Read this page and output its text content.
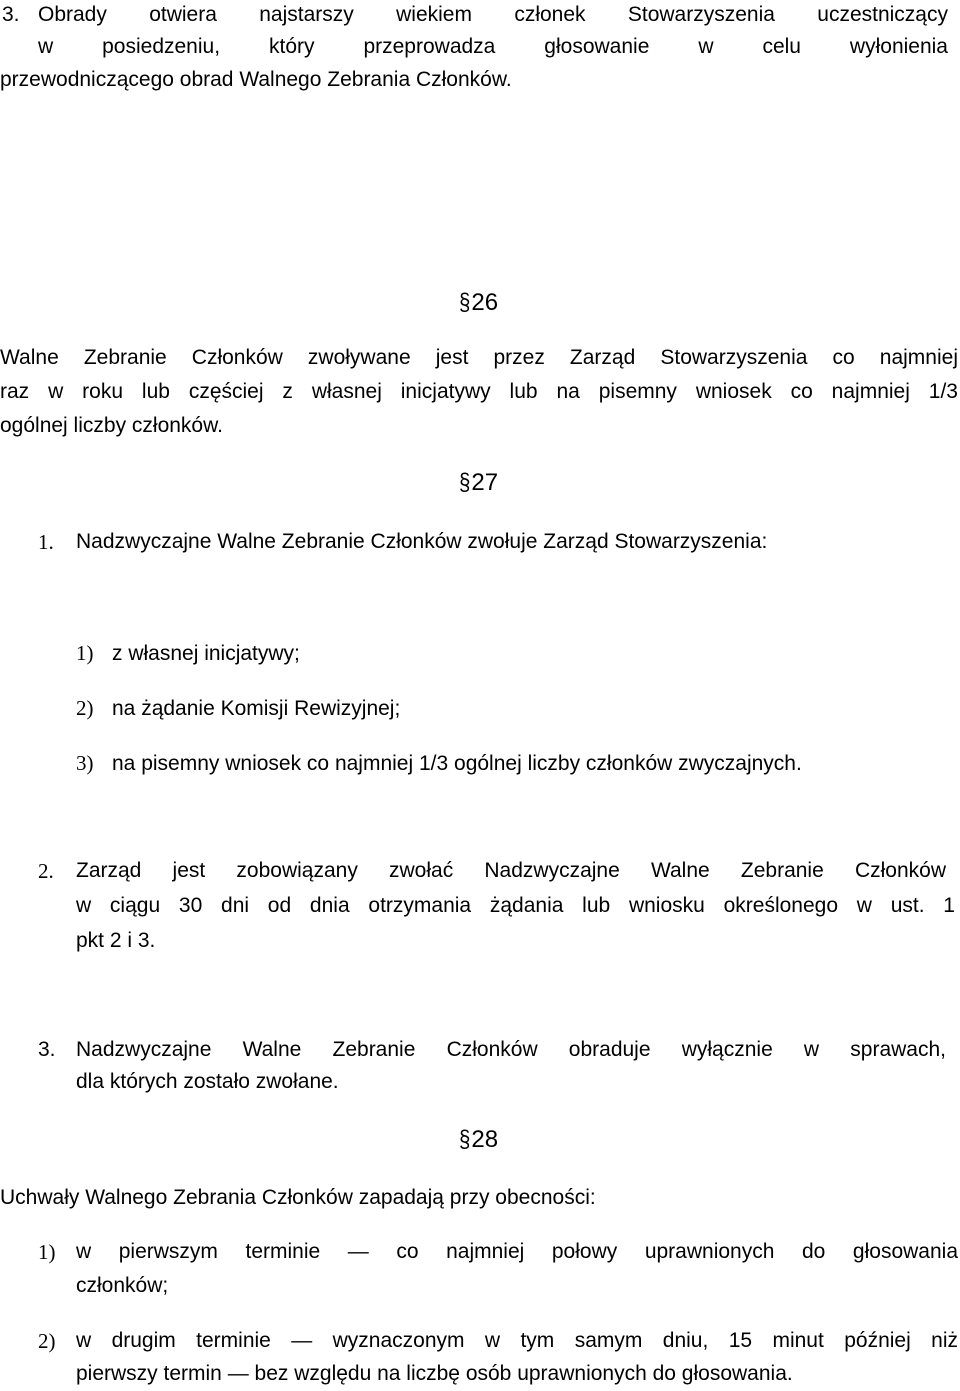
3. Obrady otwiera najstarszy wiekiem członek Stowarzyszenia uczestniczący
w posiedzeniu, który przeprowadza głosowanie w celu wyłonienia
przewodniczącego obrad Walnego Zebrania Członków.
§26
Walne Zebranie Członków zwoływane jest przez Zarząd Stowarzyszenia co najmniej
raz w roku lub częściej z własnej inicjatywy lub na pisemny wniosek co najmniej 1/3
ogólnej liczby członków.
§27
1. Nadzwyczajne Walne Zebranie Członków zwołuje Zarząd Stowarzyszenia:
1) z własnej inicjatywy;
2) na żądanie Komisji Rewizyjnej;
3) na pisemny wniosek co najmniej 1/3 ogólnej liczby członków zwyczajnych.
2. Zarząd jest zobowiązany zwołać Nadzwyczajne Walne Zebranie Członków
w ciągu 30 dni od dnia otrzymania żądania lub wniosku określonego w ust. 1
pkt 2 i 3.
3. Nadzwyczajne Walne Zebranie Członków obraduje wyłącznie w sprawach,
dla których zostało zwołane.
§28
Uchwały Walnego Zebrania Członków zapadają przy obecności:
1) w pierwszym terminie — co najmniej połowy uprawnionych do głosowania
członków;
2) w drugim terminie — wyznaczonym w tym samym dniu, 15 minut później niż
pierwszy termin — bez względu na liczbę osób uprawnionych do głosowania.
